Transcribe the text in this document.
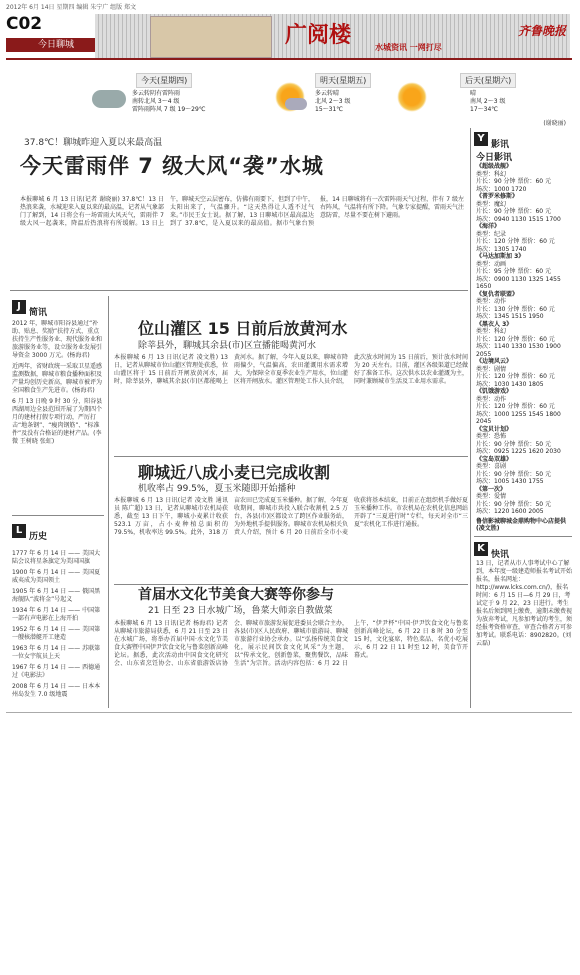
2012年 6月 14日 星期四 编辑 朱宁广 组版 郑文
C02
今日聊城	广阅楼	水城资讯 一网打尽
齐鲁晚报
今天(星期四)
多云转阴有雷阵雨
南转北风 3～4 级
雷阵雨阵风 7 级 19～29℃
明天(星期五)
多云转晴
北风 2～3 级
15～31℃
后天(星期六)
晴
南风 2～3 级
17～34℃
(谢晓丽)
37.8℃！聊城昨迎入夏以来最高温
今天雷雨伴 7 级大风“袭”水城
本报聊城 6 月 13 日讯(记者 谢晓丽) 37.8℃！13 日热浪来袭，水城迎来入夏以来的最高温，记者从气象部门了解到，14 日将会有一场雷雨大风天气，雷雨伴 7 级大风一起袭来，降温后热浪将有所缓解。13 日上午，聊城天空云层密布，仿佛有雨要下，但到了中午，太阳出来了，气温骤升。“这天热得让人透不过气来。”市民王女士说。据了解，13 日聊城市区最高温达到了 37.8℃，是入夏以来的最高值。据市气象台预报，14 日聊城将有一次雷阵雨天气过程，伴有 7 级左右阵风，气温将有所下降。气象专家提醒，雷雨天气注意防雷，尽量不要在树下避雨。
J简讯

2012 年，聊城市阳谷县通过“补助、贴息、奖励”扶持方式，重点扶持生产性服务业、现代服务业和旅游服务业等，设立服务业发展引导资金 3000 万元。(杨海君)

近两年，省财政统一采取卫星遥感监测数据，聊城市粮食播种面积及产量均创历史新高，聊城市被评为全国粮食生产先进市。(杨海君)

6 月 13 日晚 9 时 30 分，阳谷县西湖周边全县范围开展了为期四个月的建材打假专项行动，严厉打击“地条钢”、“瘦肉钢筋”、“标准件”及没有合格证的建材产品。(李微 王树晓 张虹)

L历史

1777 年 6 月 14 日 —— 美国大陆会议将星条旗定为美国国旗

1900 年 6 月 14 日 —— 美国夏威夷成为美国领土

1905 年 6 月 14 日 —— 俄国黑海舰队“波将金”号起义

1934 年 6 月 14 日 —— 中国第一部有声电影在上海开拍

1952 年 6 月 14 日 —— 美国第一艘核潜艇开工建造

1963 年 6 月 14 日 —— 苏联第一位女宇航员上天

1967 年 6 月 14 日 —— 西德通过《电影法》

2008 年 6 月 14 日 —— 日本本州岛发生 7.0 级地震

位山灌区 15 日前后放黄河水
除莘县外，聊城其余县(市)区宣播能喝黄河水
本报聊城 6 月 13 日讯(记者 凌文胜) 13 日，记者从聊城市位山灌区管理处获悉，位山灌区将于 15 日前后开闸放黄河水，届时，除莘县外，聊城其余县(市)区都能喝上黄河水。据了解，今年入夏以来，聊城市降雨偏少，气温偏高，农田灌溉用水需求增大，为保障全市夏季农业生产用水，位山灌区将开闸放水。灌区管理处工作人员介绍，此次放水时间为 15 日前后，预计放水时间为 20 天左右。目前，灌区各级渠道已经做好了准备工作。这次供水以农业灌溉为主，同时兼顾城市生活及工业用水需求。
聊城近八成小麦已完成收割
机收率占 99.5%，夏玉米随即开始播种
本报聊城 6 月 13 日讯(记者 凌文胜 通讯员 陈广超) 13 日，记者从聊城市农机局获悉，截至 13 日下午，聊城小麦累计收获 523.1 万亩，占小麦种植总面积的 79.5%，机收率达 99.5%。此外，318 万亩农田已完成夏玉米播种。据了解，今年夏收期间，聊城市共投入联合收割机 2.5 万台，各县(市)区都设立了跨区作业服务站，为外地机手提供服务。聊城市农机局相关负责人介绍，预计 6 月 20 日前后全市小麦收获将基本结束，目前正在组织机手做好夏玉米播种工作。市农机局在农机化信息网站开辟了“三夏进行时”专栏，每天对全市“三夏”农机化工作进行通报。
首届水文化节美食大赛等你参与
21 日至 23 日水城广场，鲁菜大师亲自教做菜
本报聊城 6 月 13 日讯(记者 杨海君) 记者从聊城市旅游局获悉，6 月 21 日至 23 日在水城广场，将举办首届中国·水文化节美食大赛暨中国伊尹饮食文化与鲁菜创新高峰论坛。据悉，此次活动由中国食文化研究会、山东省烹饪协会、山东省旅游饭店协会、聊城市旅游发展促进委员会联合主办，各县(市)区人民政府、聊城市旅游局、聊城市旅游行业协会承办。以“弘扬传统美食文化，展示民间饮食文化风采”为主题，以“传承文化，创新鲁菜，聚焦餐饮，品味生活”为宗旨。活动内容包括：6 月 22 日上午，“伊尹杯”中国·伊尹饮食文化与鲁菜创新高峰论坛，6 月 22 日 8 时 30 分至 15 时，文化宴席，特色菜品、名优小吃展示，6 月 22 日 11 时至 12 时，美食节开幕式。
Y影讯
今日影讯
《超级战舰》
类型：科幻
片长：90 分钟 票价：60 元
场次：1000 1720
《普罗米修斯》
类型：魔幻
片长：90 分钟 票价：60 元
场次：0940 1130 1515 1700
《海洋》
类型：纪录
片长：120 分钟 票价：60 元
场次：1305 1740
《马达加斯加 3》
类型：动画
片长：95 分钟 票价：60 元
场次：0900 1130 1325 1455 1650
《复仇者联盟》
类型：动作
片长：130 分钟 票价：60 元
场次：1345 1515 1950
《黑衣人 3》
类型：科幻
片长：120 分钟 票价：60 元
场次：1140 1330 1530 1900 2055
《边境风云》
类型：剧情
片长：120 分钟 票价：60 元
场次：1030 1430 1805
《饥饿游戏》
类型：动作
片长：120 分钟 票价：60 元
场次：1000 1255 1545 1800 2045
《宝贝计划》
类型：恐怖
片长：90 分钟 票价：50 元
场次：0925 1225 1620 2030
《宝岛双雄》
类型：喜剧
片长：90 分钟 票价：50 元
场次：1005 1430 1755
《第一次》
类型：爱情
片长：90 分钟 票价：50 元
场次：1220 1600 2005
鲁信影城聊城金鼎购物中心店提供 (凌文胜)
K快讯
13 日，记者从市人事考试中心了解到，本年度一级建造师报名考试开始报名，报名网址：http://www.lcks.com.cn/)，报名时间：6 月 15 日—6 月 29 日，考试定于 9 月 22、23 日进行。考生报名后须到网上缴费，逾期未缴费视为放弃考试，凡参加考试的考生，须经报考资格审查，审查合格者方可参加考试。联系电话：8902820。(刘云磊)
